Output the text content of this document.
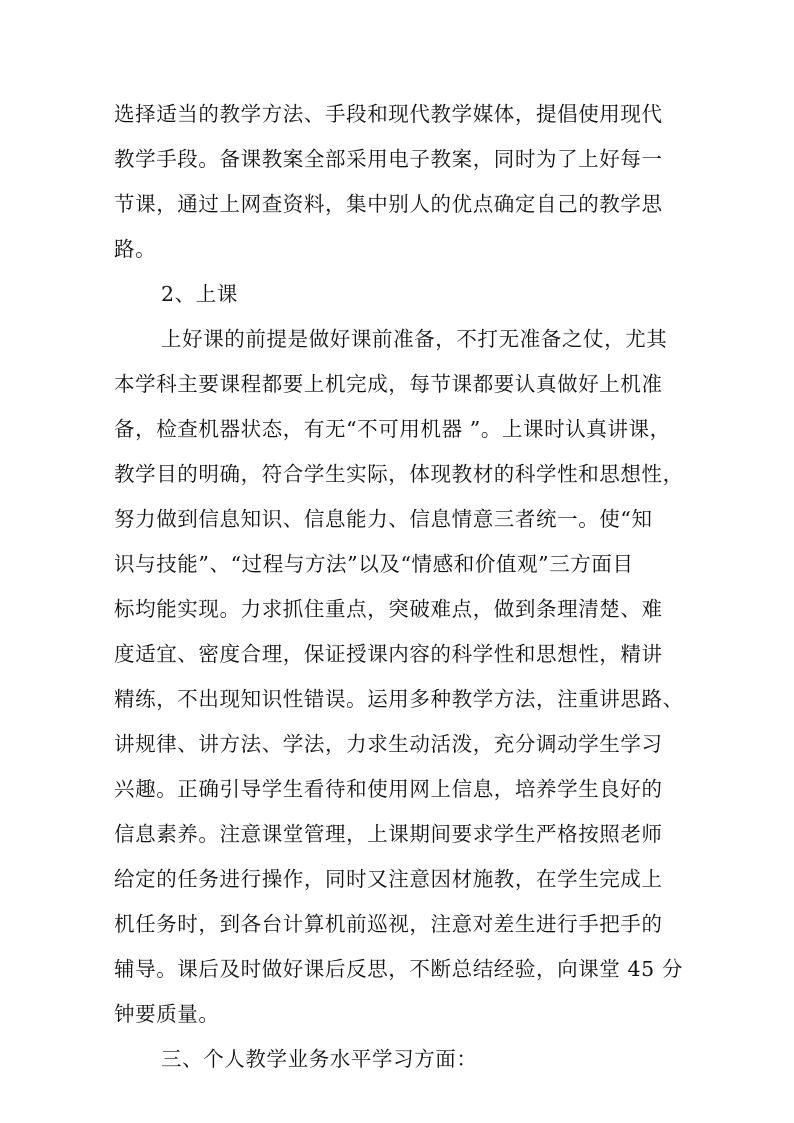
选择适当的教学方法、手段和现代教学媒体，提倡使用现代
教学手段。备课教案全部采用电子教案，同时为了上好每一
节课，通过上网查资料，集中别人的优点确定自己的教学思
路。
2、上课
上好课的前提是做好课前准备，不打无准备之仗，尤其
本学科主要课程都要上机完成，每节课都要认真做好上机准
备，检查机器状态，有无“不可用机器 ”。上课时认真讲课，
教学目的明确，符合学生实际，体现教材的科学性和思想性，
努力做到信息知识、信息能力、信息情意三者统一。使“知
识与技能”、“过程与方法”以及“情感和价值观”三方面目
标均能实现。力求抓住重点，突破难点，做到条理清楚、难
度适宜、密度合理，保证授课内容的科学性和思想性，精讲
精练，不出现知识性错误。运用多种教学方法，注重讲思路、
讲规律、讲方法、学法，力求生动活泼，充分调动学生学习
兴趣。正确引导学生看待和使用网上信息，培养学生良好的
信息素养。注意课堂管理，上课期间要求学生严格按照老师
给定的任务进行操作，同时又注意因材施教，在学生完成上
机任务时，到各台计算机前巡视，注意对差生进行手把手的
辅导。课后及时做好课后反思，不断总结经验，向课堂 45 分
钟要质量。
三、个人教学业务水平学习方面：
